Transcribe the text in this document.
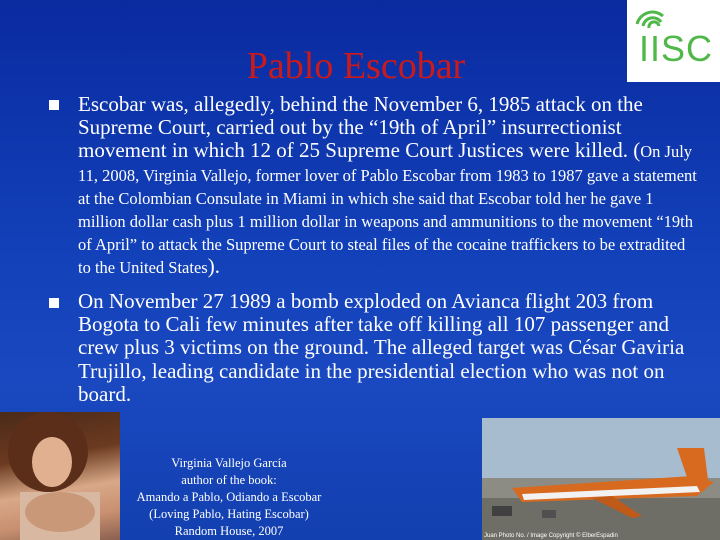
IISC
Pablo Escobar
Escobar was, allegedly, behind the November 6, 1985 attack on the Supreme Court, carried out by the “19th of April” insurrectionist movement in which 12 of 25 Supreme Court Justices were killed. (On July 11, 2008, Virginia Vallejo, former lover of Pablo Escobar from 1983 to 1987 gave a statement at the Colombian Consulate in Miami in which she said that Escobar told her he gave 1 million dollar cash plus 1 million dollar in weapons and ammunitions to the movement “19th of April” to attack the Supreme Court to steal files of the cocaine traffickers to be extradited to the United States).
On November 27 1989 a bomb exploded on Avianca flight 203 from Bogota to Cali few minutes after take off killing all 107 passenger and crew plus 3 victims on the ground. The alleged target was César Gaviria Trujillo, leading candidate in the presidential election who was not on board.
Virginia Vallejo García
author of the book:
Amando a Pablo, Odiando a Escobar
(Loving Pablo, Hating Escobar)
Random House, 2007	Juan Photo No. / Image Copyright © ElberEspadin
